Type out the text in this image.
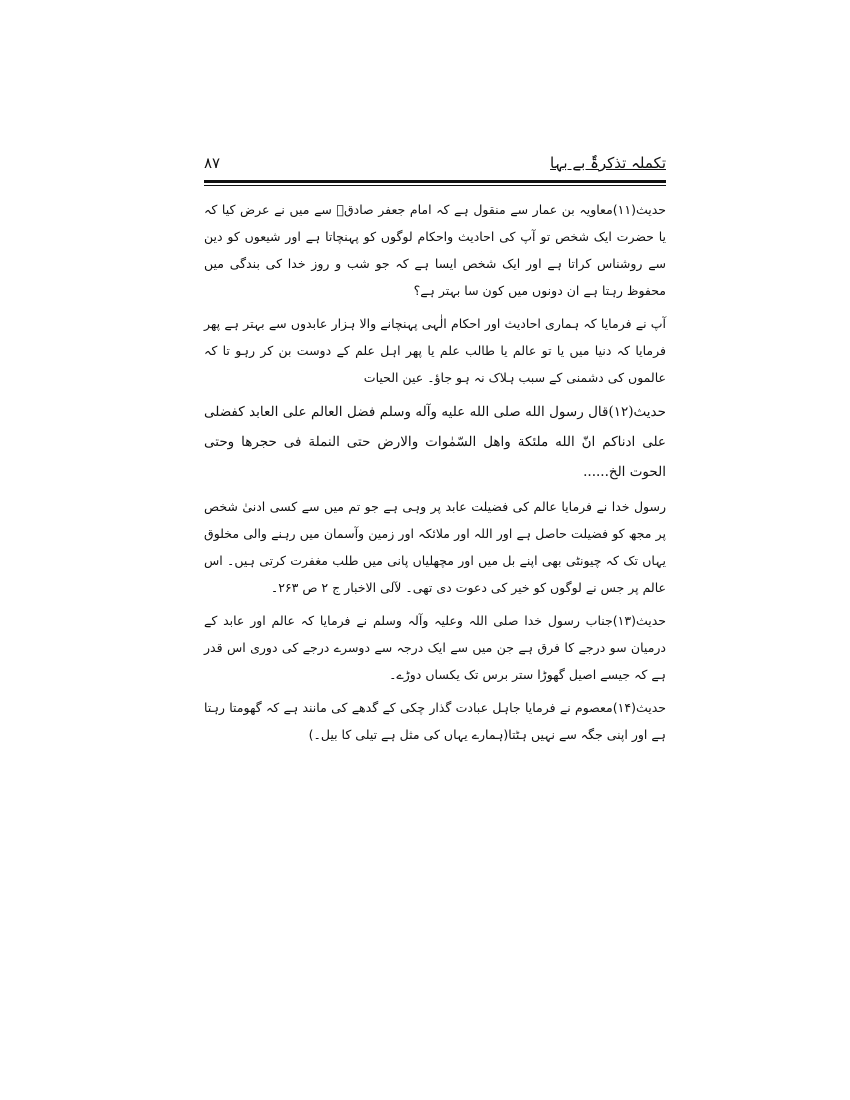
تکملہ تذکرۃٌ بے بہا
۸۷

حدیث(۱۱)معاویہ بن عمار سے منقول ہے کہ امام جعفر صادقؑ سے میں نے عرض کیا کہ یا حضرت ایک شخص تو آپ کی احادیث واحکام لوگوں کو پہنچاتا ہے اور شیعوں کو دین سے روشناس کراتا ہے اور ایک شخص ایسا ہے کہ جو شب و روز خدا کی بندگی میں محفوظ رہتا ہے ان دونوں میں کون سا بہتر ہے؟

آپ نے فرمایا کہ ہماری احادیث اور احکام الٰہی پہنچانے والا ہزار عابدوں سے بہتر ہے پھر فرمایا کہ دنیا میں یا تو عالم یا طالب علم یا پھر اہل علم کے دوست بن کر رہو تا کہ عالموں کی دشمنی کے سبب ہلاک نہ ہو جاؤ۔ عین الحیات

حدیث(۱۲)قال رسول الله صلی الله علیه وآله وسلم فضل العالم علی العابد کفضلی علی ادناکم انّ الله ملئکة واهل السّمٰوات والارض حتی النملة فی حجرها وحتی الحوت الخ......

رسول خدا نے فرمایا عالم کی فضیلت عابد پر وہی ہے جو تم میں سے کسی ادنیٰ شخص پر مجھ کو فضیلت حاصل ہے اور اللہ اور ملائکہ اور زمین وآسمان میں رہنے والی مخلوق یہاں تک کہ چیونٹی بھی اپنے بل میں اور مچھلیاں پانی میں طلب مغفرت کرتی ہیں۔ اس عالم پر جس نے لوگوں کو خیر کی دعوت دی تھی۔ لآلی الاخبار ج ۲ ص ۲۶۳۔

حدیث(۱۳)جناب رسول خدا صلی اللہ وعلیہ وآلہ وسلم نے فرمایا کہ عالم اور عابد کے درمیان سو درجے کا فرق ہے جن میں سے ایک درجہ سے دوسرے درجے کی دوری اس قدر ہے کہ جیسے اصیل گھوڑا ستر برس تک یکساں دوڑے۔

حدیث(۱۴)معصوم نے فرمایا جاہل عبادت گذار چکی کے گدھے کی مانند ہے کہ گھومتا رہتا ہے اور اپنی جگہ سے نہیں ہٹتا(ہمارے یہاں کی مثل ہے تیلی کا بیل۔)
